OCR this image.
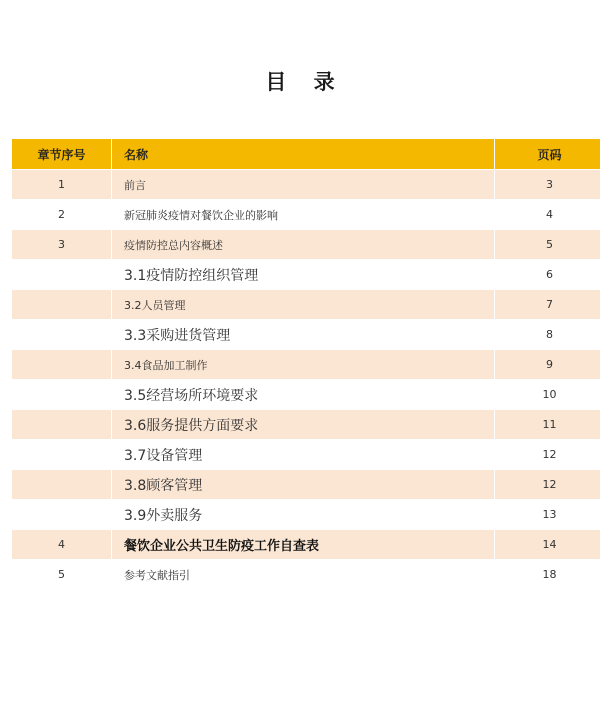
目 录
章节序号	名称	页码
1	前言	3
2	新冠肺炎疫情对餐饮企业的影响	4
3	疫情防控总内容概述	5
	3.1疫情防控组织管理	6
	3.2人员管理	7
	3.3采购进货管理	8
	3.4食品加工制作	9
	3.5经营场所环境要求	10
	3.6服务提供方面要求	11
	3.7设备管理	12
	3.8顾客管理	12
	3.9外卖服务	13
4	餐饮企业公共卫生防疫工作自查表	14
5	参考文献指引	18
